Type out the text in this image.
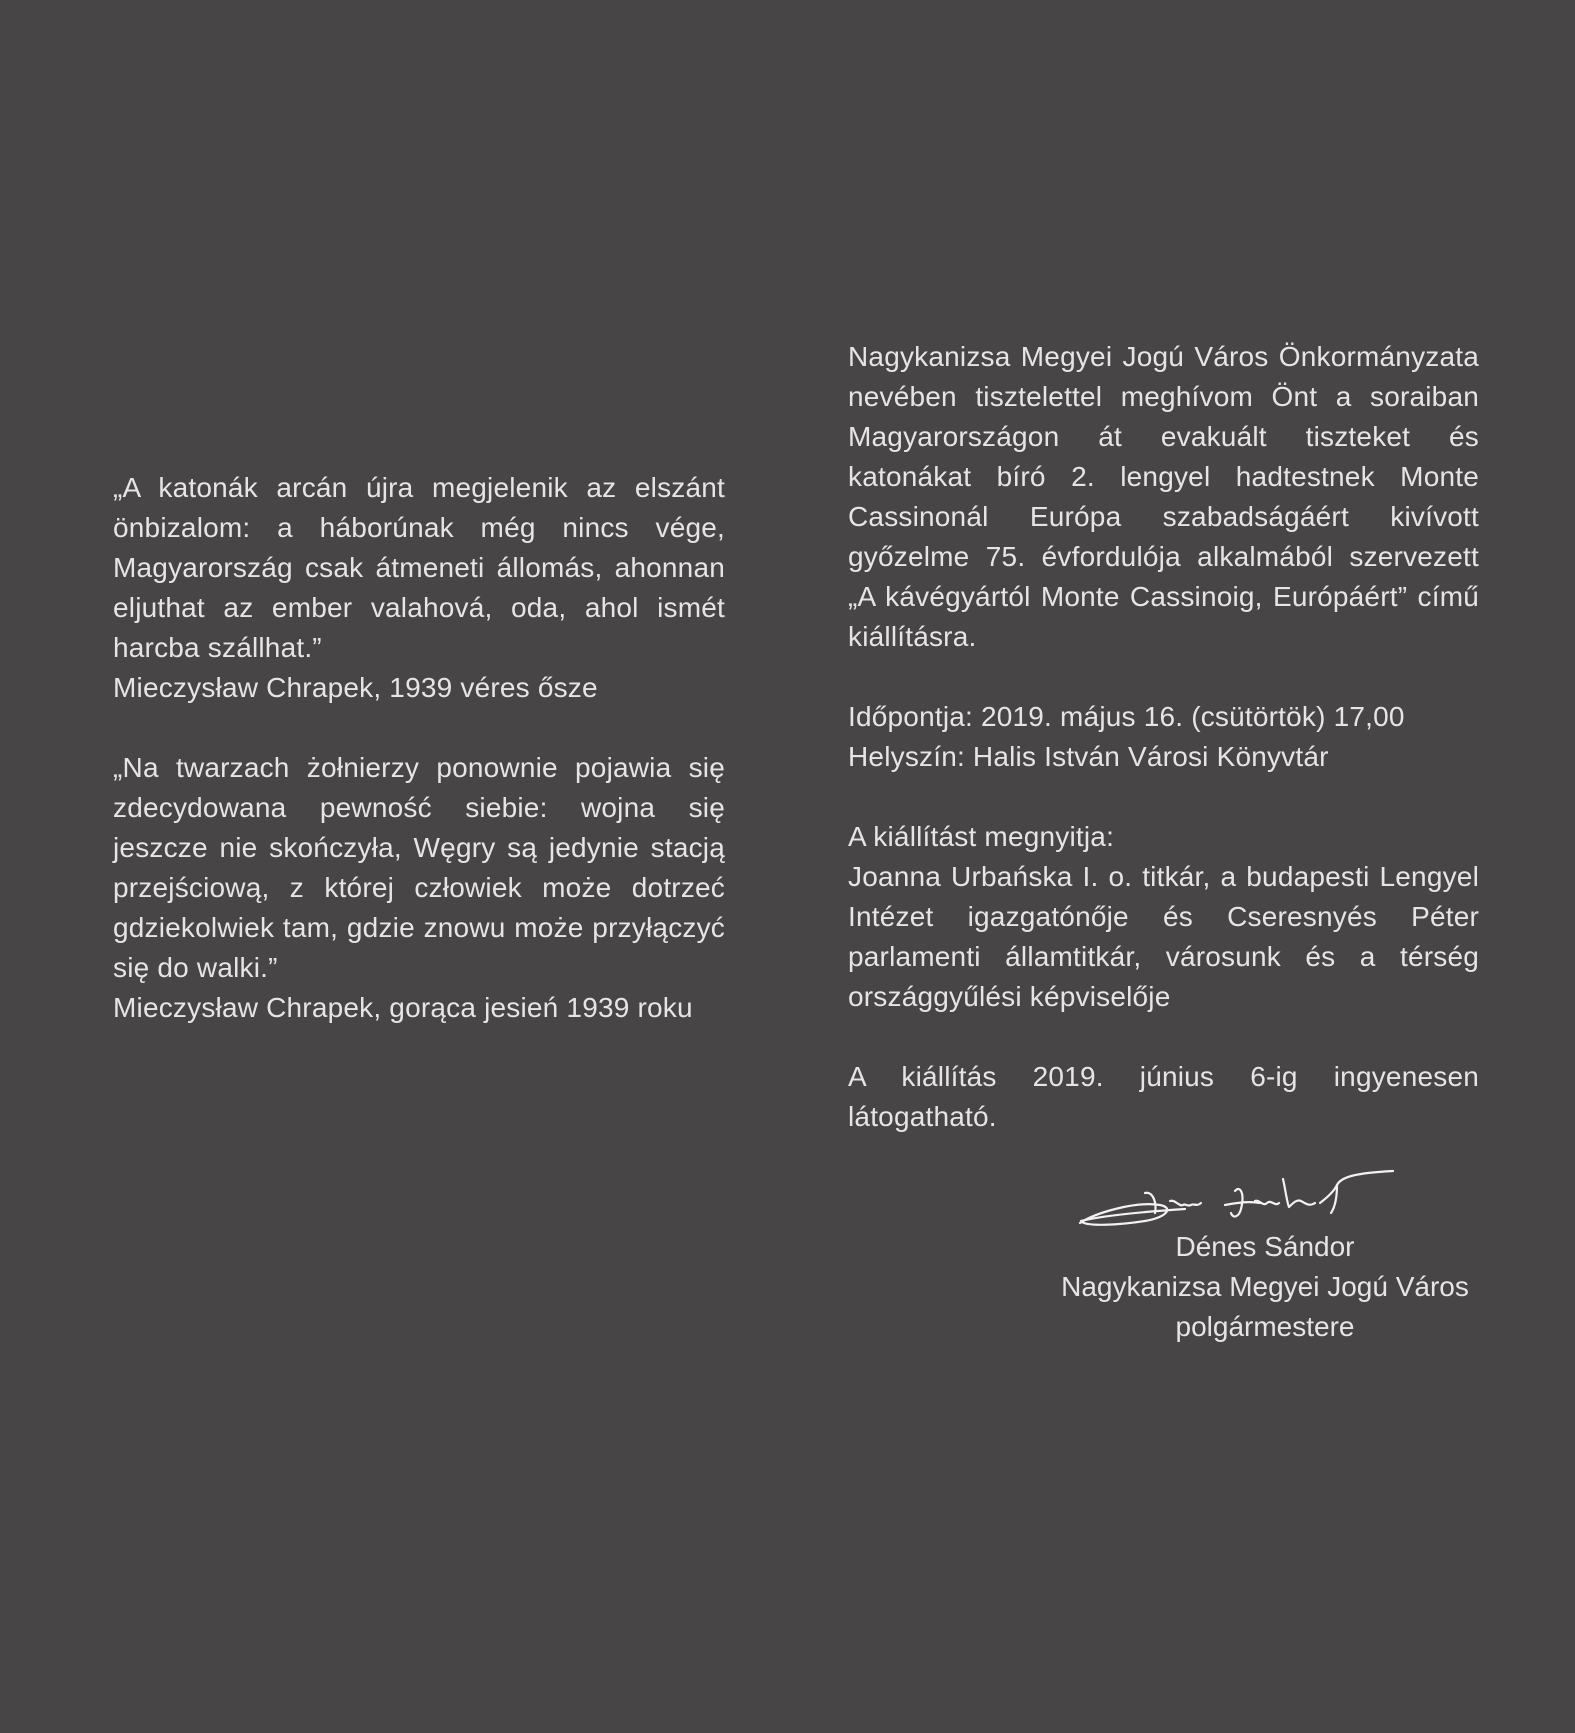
„A katonák arcán újra megjelenik az elszánt önbizalom: a háborúnak még nincs vége, Magyarország csak átmeneti állomás, ahonnan eljuthat az ember valahová, oda, ahol ismét harcba szállhat.”

Mieczysław Chrapek, 1939 véres ősze

„Na twarzach żołnierzy ponownie pojawia się zdecydowana pewność siebie: wojna się jeszcze nie skończyła, Węgry są jedynie stacją przejściową, z której człowiek może dotrzeć gdziekolwiek tam, gdzie znowu może przyłączyć się do walki.”

Mieczysław Chrapek, gorąca jesień 1939 roku

Nagykanizsa Megyei Jogú Város Önkormányzata nevében tisztelettel meghívom Önt a soraiban Magyarországon át evakuált tiszteket és katonákat bíró 2. lengyel hadtestnek Monte Cassinonál Európa szabadságáért kivívott győzelme 75. évfordulója alkalmából szervezett „A kávégyártól Monte Cassinoig, Európáért” című kiállításra.

Időpontja: 2019. május 16. (csütörtök) 17,00

Helyszín: Halis István Városi Könyvtár

A kiállítást megnyitja:

Joanna Urbańska I. o. titkár, a budapesti Lengyel Intézet igazgatónője és Cseresnyés Péter parlamenti államtitkár, városunk és a térség országgyűlési képviselője

A kiállítás 2019. június 6-ig ingyenesen látogatható.

Dénes Sándor
Nagykanizsa Megyei Jogú Város
polgármestere
